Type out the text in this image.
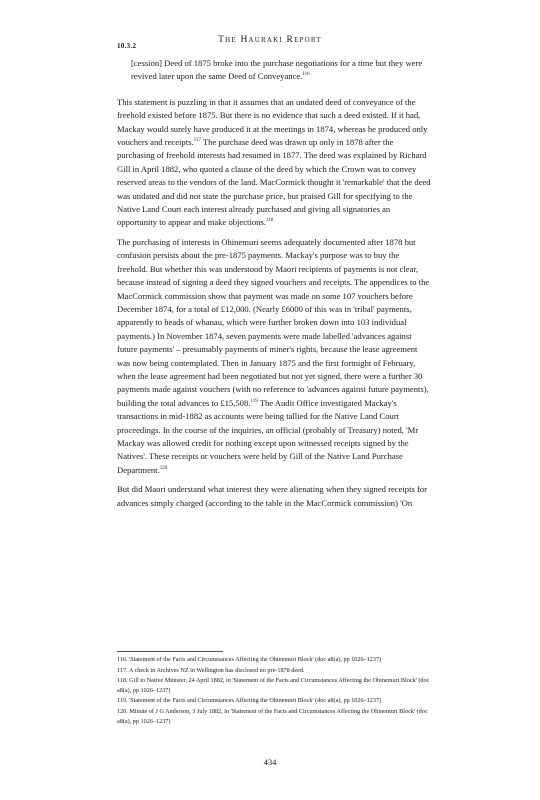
10.3.2
The Hauraki Report

[cession] Deed of 1875 broke into the purchase negotiations for a time but they were revived later upon the same Deed of Conveyance.$^{116}$

This statement is puzzling in that it assumes that an undated deed of conveyance of the freehold existed before 1875. But there is no evidence that such a deed existed. If it had, Mackay would surely have produced it at the meetings in 1874, whereas he produced only vouchers and receipts.$^{117}$ The purchase deed was drawn up only in 1878 after the purchasing of freehold interests had resumed in 1877. The deed was explained by Richard Gill in April 1882, who quoted a clause of the deed by which the Crown was to convey reserved areas to the vendors of the land. MacCormick thought it 'remarkable' that the deed was undated and did not state the purchase price, but praised Gill for specifying to the Native Land Court each interest already purchased and giving all signatories an opportunity to appear and make objections.$^{118}$

The purchasing of interests in Ohinemuri seems adequately documented after 1878 but confusion persists about the pre-1875 payments. Mackay's purpose was to buy the freehold. But whether this was understood by Maori recipients of payments is not clear, because instead of signing a deed they signed vouchers and receipts. The appendices to the MacCormick commission show that payment was made on some 107 vouchers before December 1874, for a total of £12,000. (Nearly £6000 of this was in 'tribal' payments, apparently to heads of whanau, which were further broken down into 103 individual payments.) In November 1874, seven payments were made labelled 'advances against future payments' – presumably payments of miner's rights, because the lease agreement was now being contemplated. Then in January 1875 and the first fortnight of February, when the lease agreement had been negotiated but not yet signed, there were a further 30 payments made against vouchers (with no reference to 'advances against future payments), building the total advances to £15,508.$^{119}$ The Audit Office investigated Mackay's transactions in mid-1882 as accounts were being tallied for the Native Land Court proceedings. In the course of the inquiries, an official (probably of Treasury) noted, 'Mr Mackay was allowed credit for nothing except upon witnessed receipts signed by the Natives'. These receipts or vouchers were held by Gill of the Native Land Purchase Department.$^{120}$

But did Maori understand what interest they were alienating when they signed receipts for advances simply charged (according to the table in the MacCormick commission) 'On

116. 'Statement of the Facts and Circumstances Affecting the Ohinemuri Block' (doc a8(a), pp 1026–1237)

117. A check in Archives NZ in Wellington has disclosed no pre-1878 deed.

118. Gill to Native Minister, 24 April 1882, in 'Statement of the Facts and Circumstances Affecting the Ohinemuri Block' (doc a8(a), pp 1026–1237)

119. 'Statement of the Facts and Circumstances Affecting the Ohinemuri Block' (doc a8(a), pp 1026–1237)

120. Minute of J G Anderson, 3 July 1882, in 'Statement of the Facts and Circumstances Affecting the Ohinemuri Block' (doc a8(a), pp 1026–1237)

434
